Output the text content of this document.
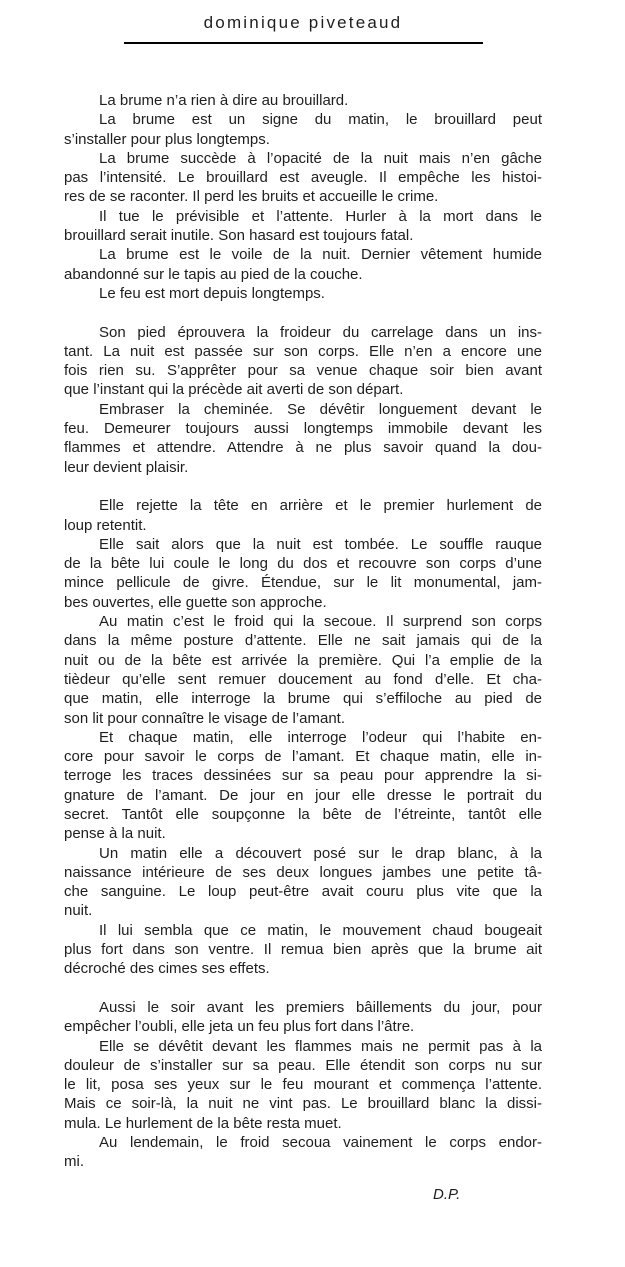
dominique piveteaud
La brume n’a rien à dire au brouillard.
La brume est un signe du matin, le brouillard peut
s’installer pour plus longtemps.
La brume succède à l’opacité de la nuit mais n’en gâche
pas l’intensité. Le brouillard est aveugle. Il empêche les histoi-
res de se raconter. Il perd les bruits et accueille le crime.
Il tue le prévisible et l’attente. Hurler à la mort dans le
brouillard serait inutile. Son hasard est toujours fatal.
La brume est le voile de la nuit. Dernier vêtement humide
abandonné sur le tapis au pied de la couche.
Le feu est mort depuis longtemps.
Son pied éprouvera la froideur du carrelage dans un ins-
tant. La nuit est passée sur son corps. Elle n’en a encore une
fois rien su. S’apprêter pour sa venue chaque soir bien avant
que l’instant qui la précède ait averti de son départ.
Embraser la cheminée. Se dévêtir longuement devant le
feu. Demeurer toujours aussi longtemps immobile devant les
flammes et attendre. Attendre à ne plus savoir quand la dou-
leur devient plaisir.
Elle rejette la tête en arrière et le premier hurlement de
loup retentit.
Elle sait alors que la nuit est tombée. Le souffle rauque
de la bête lui coule le long du dos et recouvre son corps d’une
mince pellicule de givre. Étendue, sur le lit monumental, jam-
bes ouvertes, elle guette son approche.
Au matin c’est le froid qui la secoue. Il surprend son corps
dans la même posture d’attente. Elle ne sait jamais qui de la
nuit ou de la bête est arrivée la première. Qui l’a emplie de la
tièdeur qu’elle sent remuer doucement au fond d’elle. Et cha-
que matin, elle interroge la brume qui s’effiloche au pied de
son lit pour connaître le visage de l’amant.
Et chaque matin, elle interroge l’odeur qui l’habite en-
core pour savoir le corps de l’amant. Et chaque matin, elle in-
terroge les traces dessinées sur sa peau pour apprendre la si-
gnature de l’amant. De jour en jour elle dresse le portrait du
secret. Tantôt elle soupçonne la bête de l’étreinte, tantôt elle
pense à la nuit.
Un matin elle a découvert posé sur le drap blanc, à la
naissance intérieure de ses deux longues jambes une petite tâ-
che sanguine. Le loup peut-être avait couru plus vite que la
nuit.
Il lui sembla que ce matin, le mouvement chaud bougeait
plus fort dans son ventre. Il remua bien après que la brume ait
décroché des cimes ses effets.
Aussi le soir avant les premiers bâillements du jour, pour
empêcher l’oubli, elle jeta un feu plus fort dans l’âtre.
Elle se dévêtit devant les flammes mais ne permit pas à la
douleur de s’installer sur sa peau. Elle étendit son corps nu sur
le lit, posa ses yeux sur le feu mourant et commença l’attente.
Mais ce soir-là, la nuit ne vint pas. Le brouillard blanc la dissi-
mula. Le hurlement de la bête resta muet.
Au lendemain, le froid secoua vainement le corps endor-
mi.
D.P.
